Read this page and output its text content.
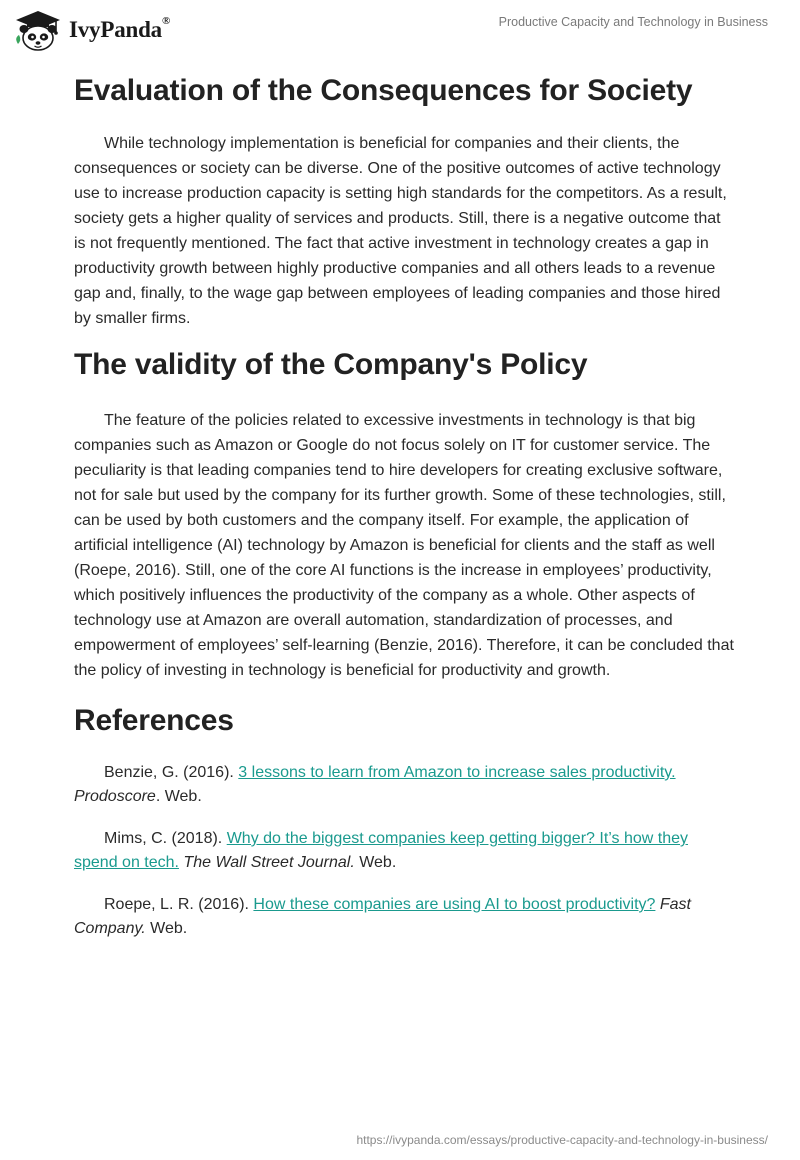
IvyPanda®	Productive Capacity and Technology in Business
Evaluation of the Consequences for Society

While technology implementation is beneficial for companies and their clients, the consequences or society can be diverse. One of the positive outcomes of active technology use to increase production capacity is setting high standards for the competitors. As a result, society gets a higher quality of services and products. Still, there is a negative outcome that is not frequently mentioned. The fact that active investment in technology creates a gap in productivity growth between highly productive companies and all others leads to a revenue gap and, finally, to the wage gap between employees of leading companies and those hired by smaller firms.

The validity of the Company's Policy

The feature of the policies related to excessive investments in technology is that big companies such as Amazon or Google do not focus solely on IT for customer service. The peculiarity is that leading companies tend to hire developers for creating exclusive software, not for sale but used by the company for its further growth. Some of these technologies, still, can be used by both customers and the company itself. For example, the application of artificial intelligence (AI) technology by Amazon is beneficial for clients and the staff as well (Roepe, 2016). Still, one of the core AI functions is the increase in employees’ productivity, which positively influences the productivity of the company as a whole. Other aspects of technology use at Amazon are overall automation, standardization of processes, and empowerment of employees’ self-learning (Benzie, 2016). Therefore, it can be concluded that the policy of investing in technology is beneficial for productivity and growth.

References

Benzie, G. (2016). 3 lessons to learn from Amazon to increase sales productivity.
Prodoscore. Web.

Mims, C. (2018). Why do the biggest companies keep getting bigger? It’s how they spend on tech. The Wall Street Journal. Web.

Roepe, L. R. (2016). How these companies are using AI to boost productivity? Fast Company. Web.

https://ivypanda.com/essays/productive-capacity-and-technology-in-business/
